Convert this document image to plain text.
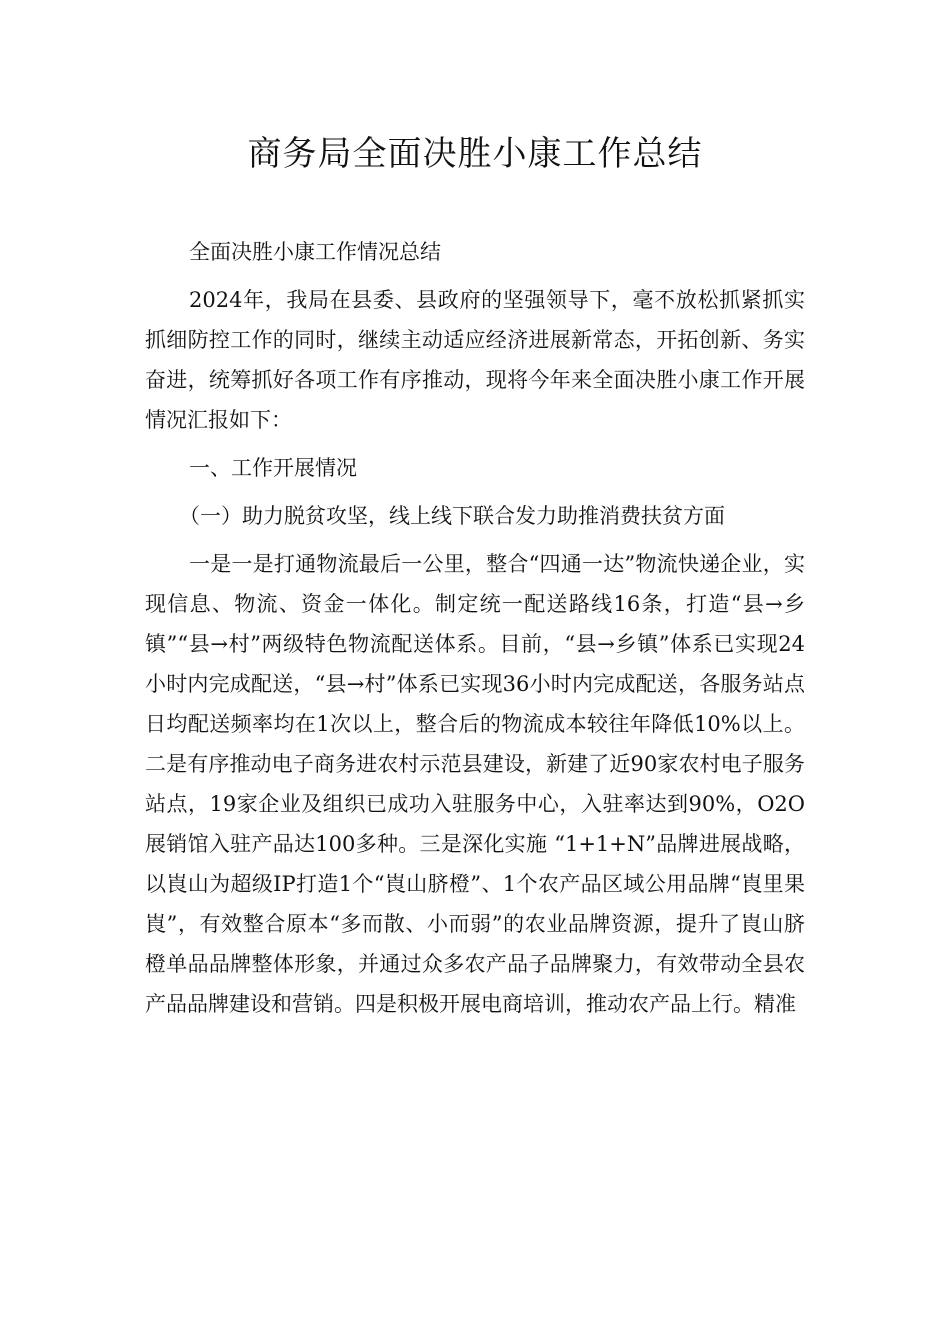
商务局全面决胜小康工作总结

全面决胜小康工作情况总结

2024年，我局在县委、县政府的坚强领导下，毫不放松抓紧抓实抓细防控工作的同时，继续主动适应经济进展新常态，开拓创新、务实奋进，统筹抓好各项工作有序推动，现将今年来全面决胜小康工作开展情况汇报如下：

一、工作开展情况

（一）助力脱贫攻坚，线上线下联合发力助推消费扶贫方面

一是一是打通物流最后一公里，整合“四通一达”物流快递企业，实现信息、物流、资金一体化。制定统一配送路线16条，打造“县→乡镇”“县→村”两级特色物流配送体系。目前，“县→乡镇”体系已实现24小时内完成配送，“县→村”体系已实现36小时内完成配送，各服务站点日均配送频率均在1次以上，整合后的物流成本较往年降低10%以上。二是有序推动电子商务进农村示范县建设，新建了近90家农村电子服务站点，19家企业及组织已成功入驻服务中心，入驻率达到90%，O2O展销馆入驻产品达100多种。三是深化实施 “1+1+N”品牌进展战略，以崀山为超级IP打造1个“崀山脐橙”、1个农产品区域公用品牌“崀里果崀”，有效整合原本“多而散、小而弱”的农业品牌资源，提升了崀山脐橙单品品牌整体形象，并通过众多农产品子品牌聚力，有效带动全县农产品品牌建设和营销。四是积极开展电商培训，推动农产品上行。精准
